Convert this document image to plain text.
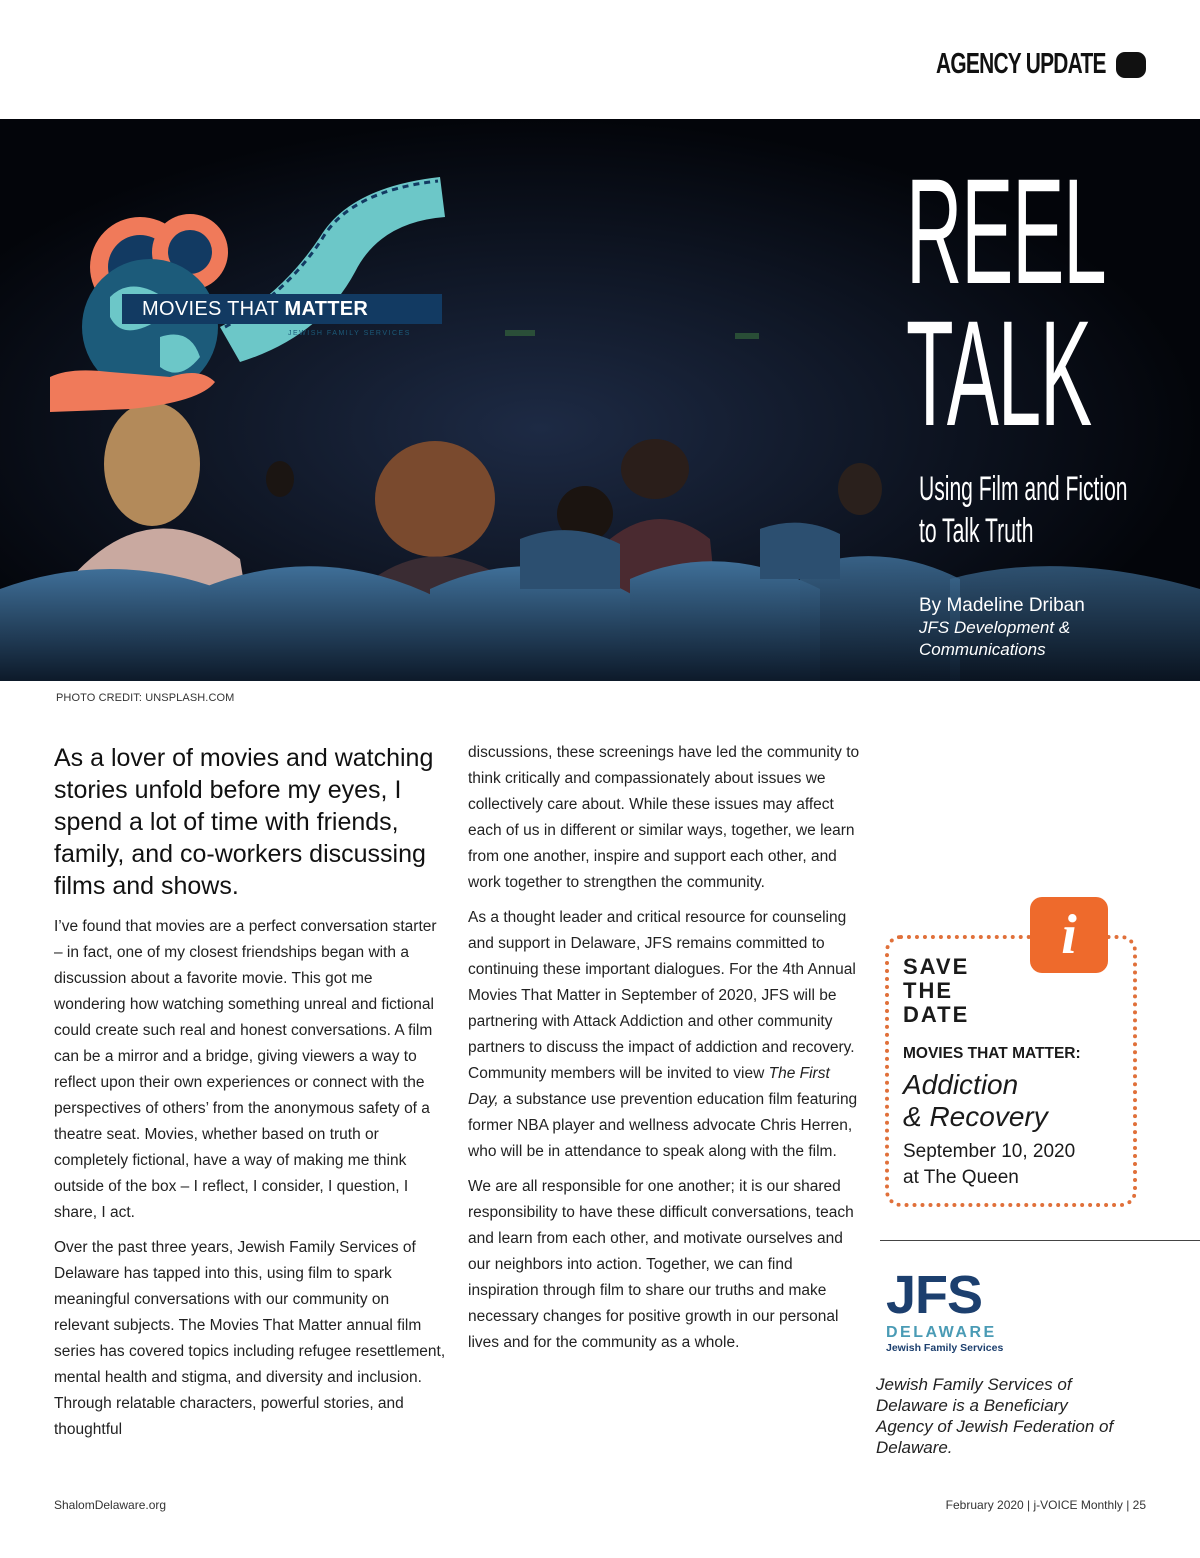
AGENCY UPDATE
MOVIES THAT MATTER
JEWISH FAMILY SERVICES
REEL
TALK
Using Film and Fiction
to Talk Truth
By Madeline Driban
JFS Development &
Communications
PHOTO CREDIT: UNSPLASH.COM

As a lover of movies and watching stories unfold before my eyes, I spend a lot of time with friends, family, and co-workers discussing films and shows.

I’ve found that movies are a perfect conversation starter – in fact, one of my closest friendships began with a discussion about a favorite movie. This got me wondering how watching something unreal and fictional could create such real and honest conversations. A film can be a mirror and a bridge, giving viewers a way to reflect upon their own experiences or connect with the perspectives of others’ from the anonymous safety of a theatre seat. Movies, whether based on truth or completely fictional, have a way of making me think outside of the box – I reflect, I consider, I question, I share, I act.

Over the past three years, Jewish Family Services of Delaware has tapped into this, using film to spark meaningful conversations with our community on relevant subjects. The Movies That Matter annual film series has covered topics including refugee resettlement, mental health and stigma, and diversity and inclusion. Through relatable characters, powerful stories, and thoughtful

discussions, these screenings have led the community to think critically and compassionately about issues we collectively care about. While these issues may affect each of us in different or similar ways, together, we learn from one another, inspire and support each other, and work together to strengthen the community.

As a thought leader and critical resource for counseling and support in Delaware, JFS remains committed to continuing these important dialogues. For the 4th Annual Movies That Matter in September of 2020, JFS will be partnering with Attack Addiction and other community partners to discuss the impact of addiction and recovery. Community members will be invited to view The First Day, a substance use prevention education film featuring former NBA player and wellness advocate Chris Herren, who will be in attendance to speak along with the film.

We are all responsible for one another; it is our shared responsibility to have these difficult conversations, teach and learn from each other, and motivate ourselves and our neighbors into action. Together, we can find inspiration through film to share our truths and make necessary changes for positive growth in our personal lives and for the community as a whole.

SAVE
THE
DATE
MOVIES THAT MATTER:
Addiction
& Recovery
September 10, 2020
at The Queen
i
JFS
DELAWARE
Jewish Family Services
Jewish Family Services of Delaware is a Beneficiary Agency of Jewish Federation of Delaware.
ShalomDelaware.org	February 2020 | j-VOICE Monthly | 25
